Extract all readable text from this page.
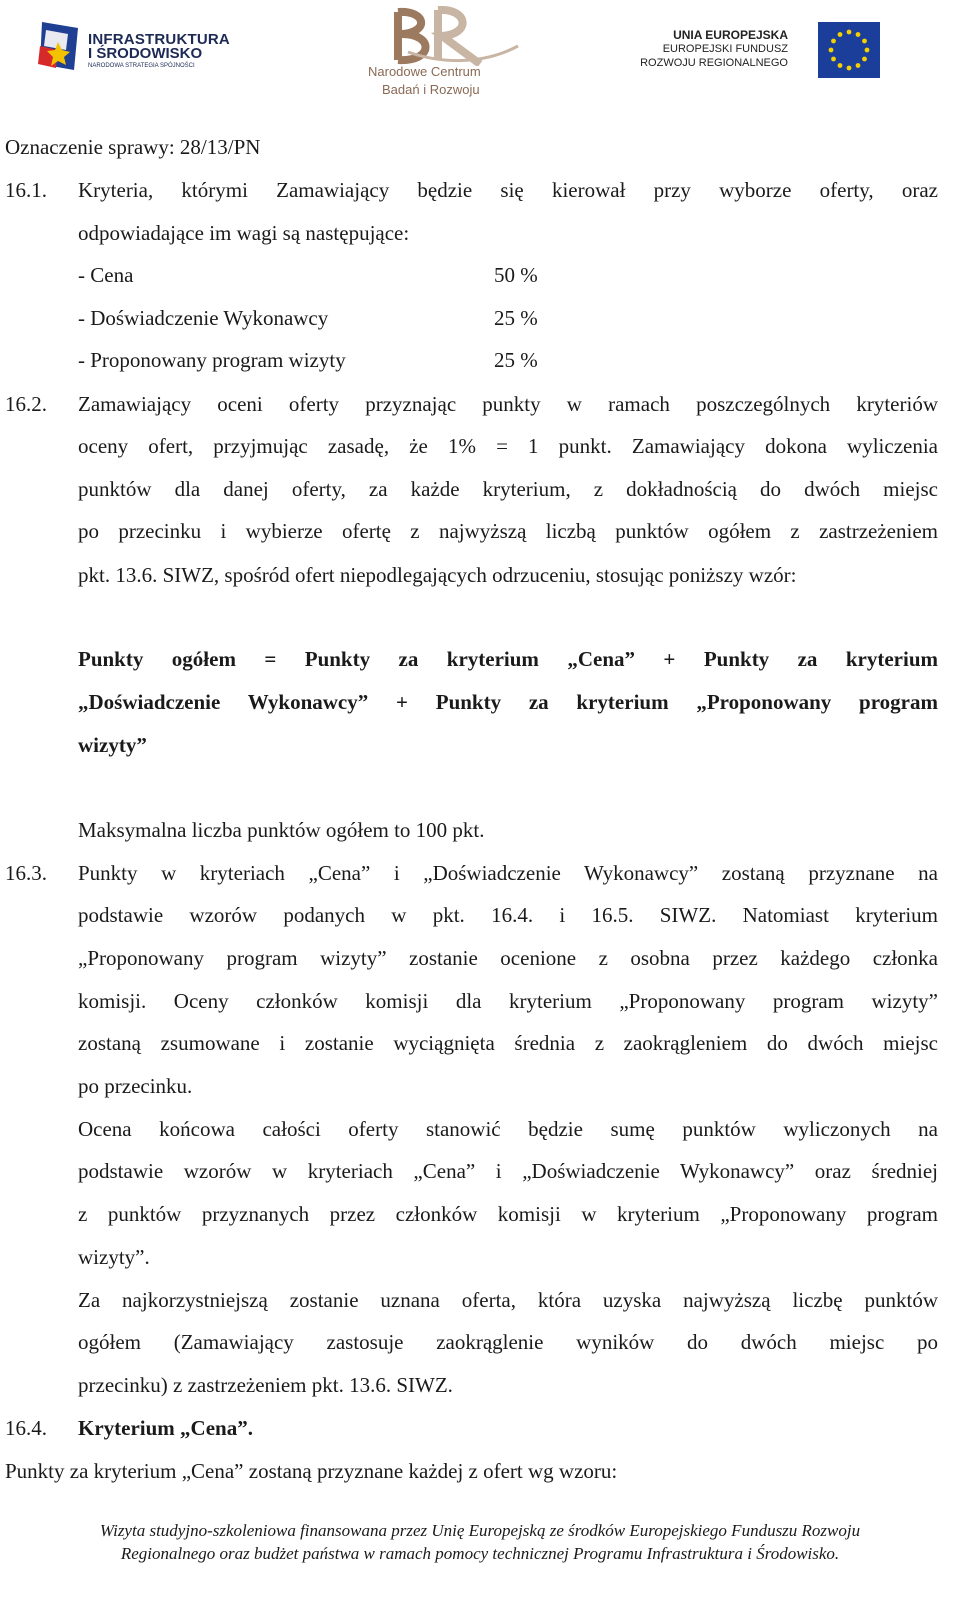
INFRASTRUKTURA
I ŚRODOWISKO
NARODOWA STRATEGIA SPÓJNOŚCI	Narodowe Centrum
Badań i Rozwoju
UNIA EUROPEJSKA
EUROPEJSKI FUNDUSZ
ROZWOJU REGIONALNEGO
Oznaczenie sprawy: 28/13/PN
16.1. Kryteria, którymi Zamawiający będzie się kierował przy wyborze oferty, oraz
odpowiadające im wagi są następujące:
- Cena	50 %
- Doświadczenie Wykonawcy	25 %
- Proponowany program wizyty	25 %
16.2. Zamawiający oceni oferty przyznając punkty w ramach poszczególnych kryteriów
oceny ofert, przyjmując zasadę, że 1% = 1 punkt. Zamawiający dokona wyliczenia
punktów dla danej oferty, za każde kryterium, z dokładnością do dwóch miejsc
po przecinku i wybierze ofertę z najwyższą liczbą punktów ogółem z zastrzeżeniem
pkt. 13.6. SIWZ, spośród ofert niepodlegających odrzuceniu, stosując poniższy wzór:
Punkty ogółem = Punkty za kryterium „Cena” + Punkty za kryterium
„Doświadczenie Wykonawcy” + Punkty za kryterium „Proponowany program
wizyty”
Maksymalna liczba punktów ogółem to 100 pkt.
16.3. Punkty w kryteriach „Cena” i „Doświadczenie Wykonawcy” zostaną przyznane na
podstawie wzorów podanych w pkt. 16.4. i 16.5. SIWZ. Natomiast kryterium
„Proponowany program wizyty” zostanie ocenione z osobna przez każdego członka
komisji. Oceny członków komisji dla kryterium „Proponowany program wizyty”
zostaną zsumowane i zostanie wyciągnięta średnia z zaokrągleniem do dwóch miejsc
po przecinku.
Ocena końcowa całości oferty stanowić będzie sumę punktów wyliczonych na
podstawie wzorów w kryteriach „Cena” i „Doświadczenie Wykonawcy” oraz średniej
z punktów przyznanych przez członków komisji w kryterium „Proponowany program
wizyty”.
Za najkorzystniejszą zostanie uznana oferta, która uzyska najwyższą liczbę punktów
ogółem (Zamawiający zastosuje zaokrąglenie wyników do dwóch miejsc po
przecinku) z zastrzeżeniem pkt. 13.6. SIWZ.
16.4. Kryterium „Cena”.
Punkty za kryterium „Cena” zostaną przyznane każdej z ofert wg wzoru:
Wizyta studyjno-szkoleniowa finansowana przez Unię Europejską ze środków Europejskiego Funduszu Rozwoju
Regionalnego oraz budżet państwa w ramach pomocy technicznej Programu Infrastruktura i Środowisko.
